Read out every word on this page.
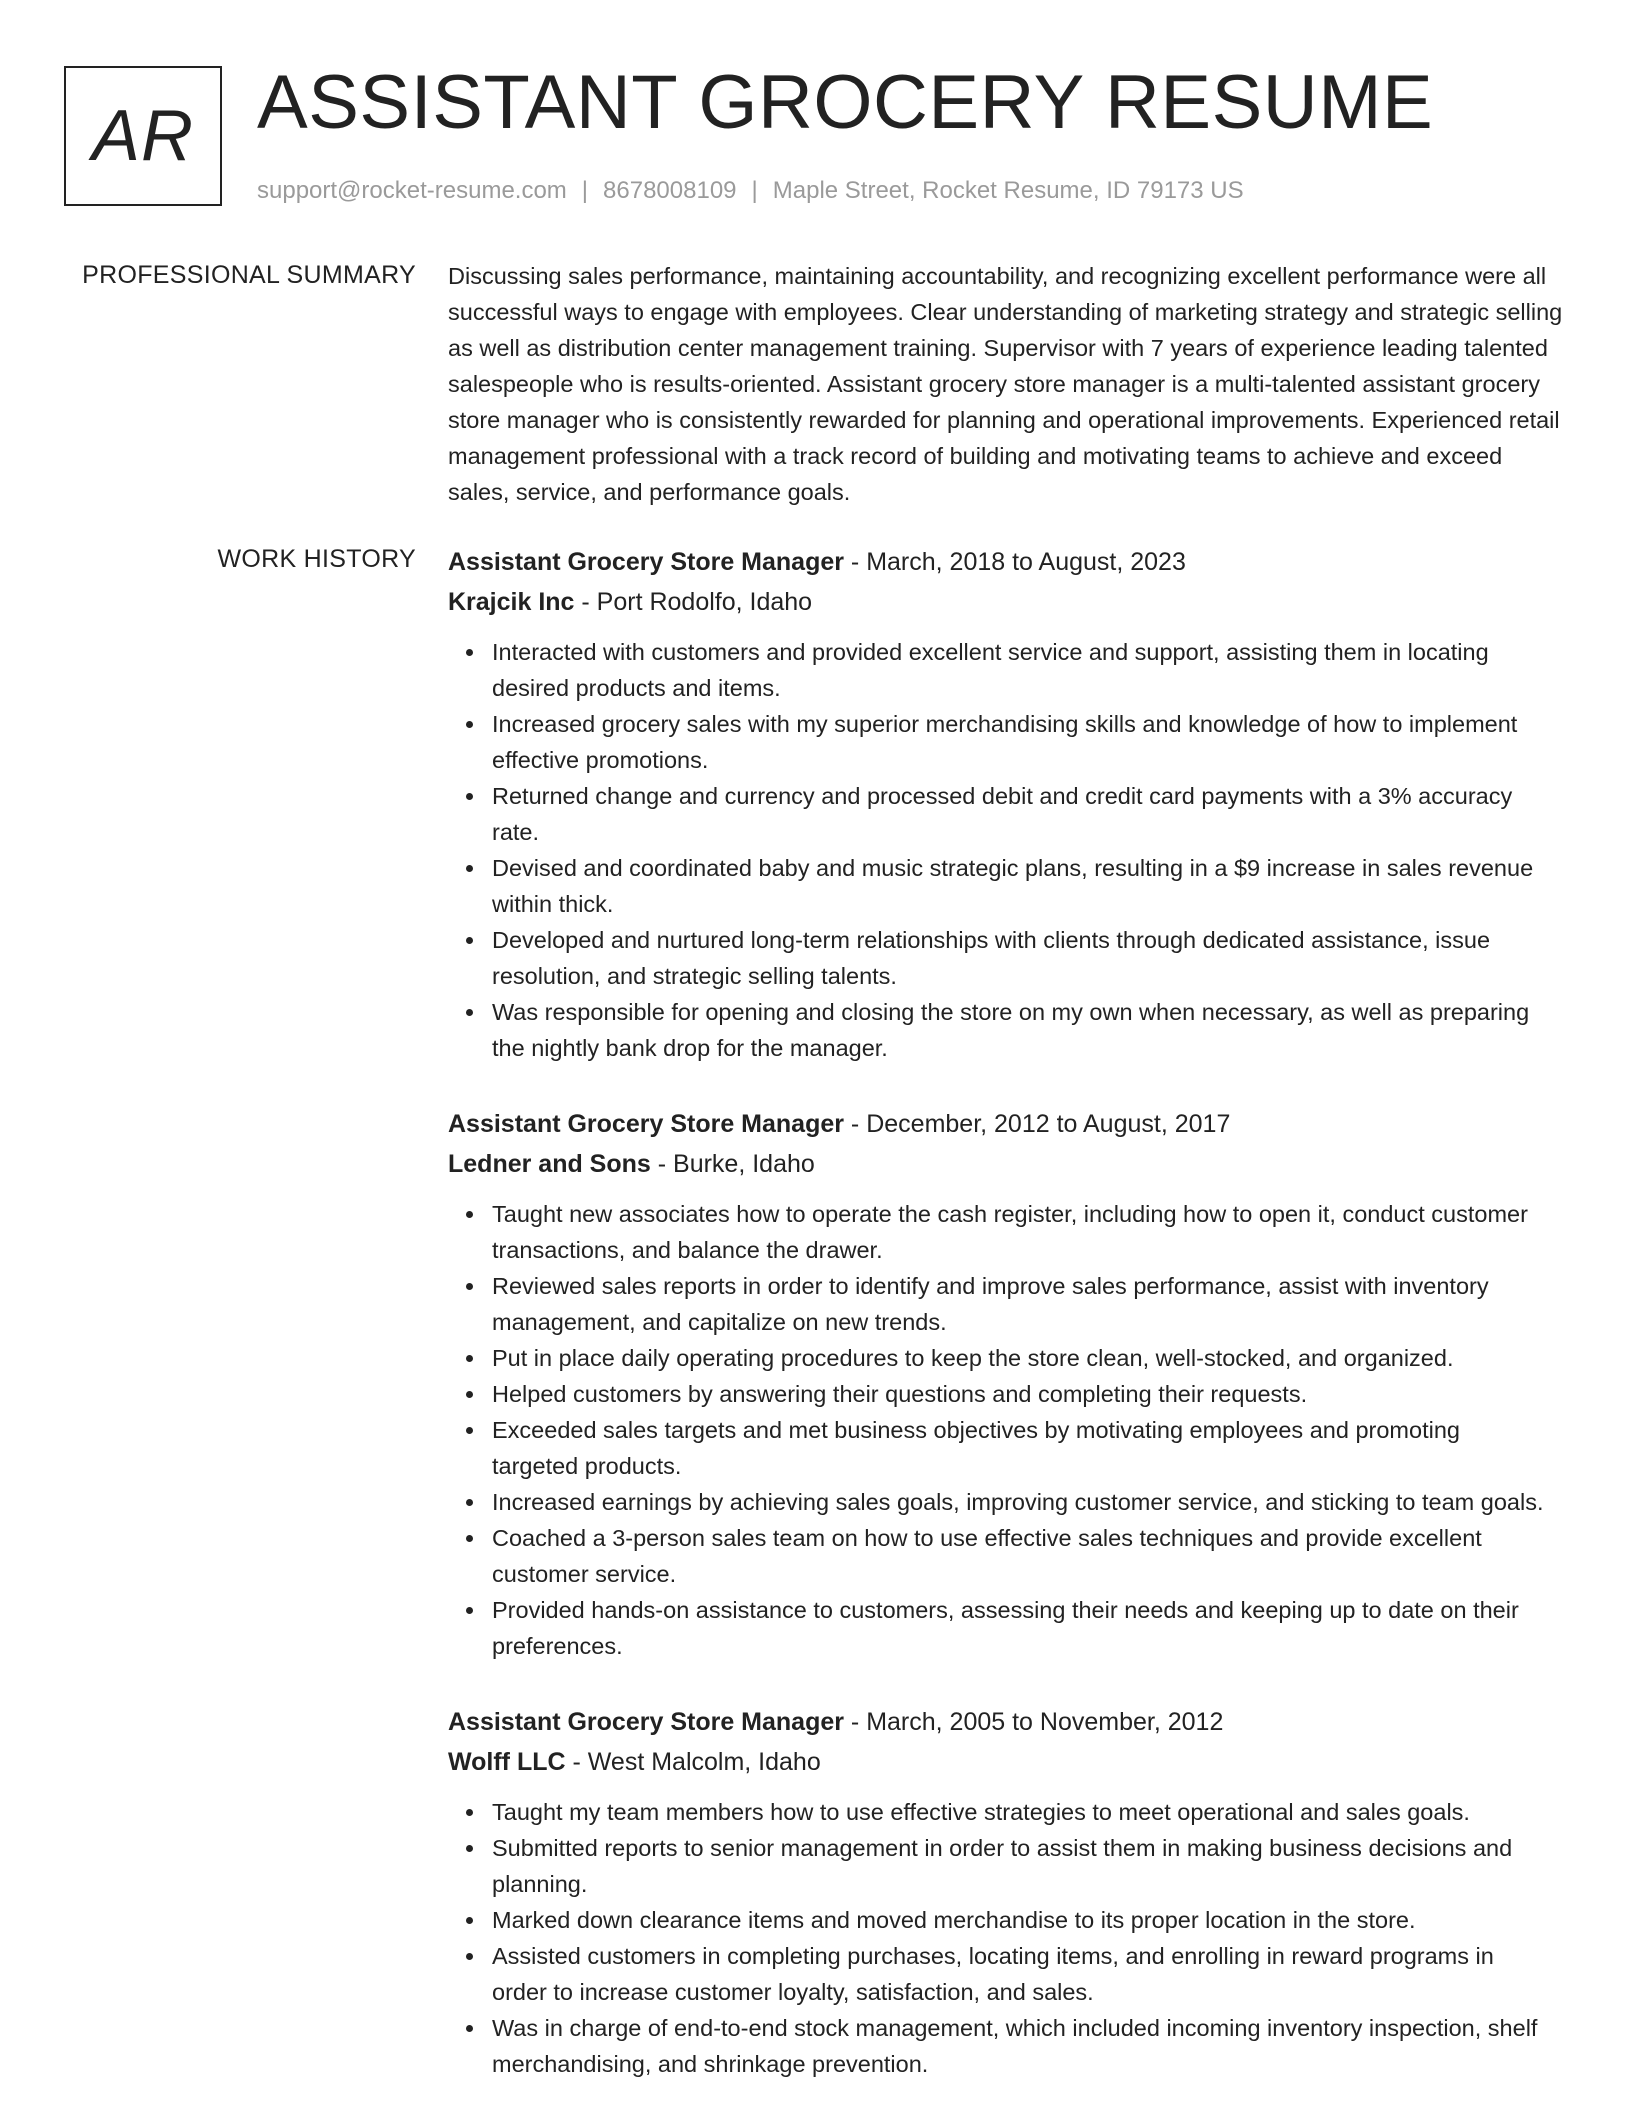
AR ASSISTANT GROCERY RESUME
support@rocket-resume.com | 8678008109 | Maple Street, Rocket Resume, ID 79173 US
PROFESSIONAL SUMMARY Discussing sales performance, maintaining accountability, and recognizing excellent performance were all successful ways to engage with employees. Clear understanding of marketing strategy and strategic selling as well as distribution center management training. Supervisor with 7 years of experience leading talented salespeople who is results-oriented. Assistant grocery store manager is a multi-talented assistant grocery store manager who is consistently rewarded for planning and operational improvements. Experienced retail management professional with a track record of building and motivating teams to achieve and exceed sales, service, and performance goals.

WORK HISTORY Assistant Grocery Store Manager - March, 2018 to August, 2023
Krajcik Inc - Port Rodolfo, Idaho
Interacted with customers and provided excellent service and support, assisting them in locating desired products and items.
Increased grocery sales with my superior merchandising skills and knowledge of how to implement effective promotions.
Returned change and currency and processed debit and credit card payments with a 3% accuracy rate.
Devised and coordinated baby and music strategic plans, resulting in a $9 increase in sales revenue within thick.
Developed and nurtured long-term relationships with clients through dedicated assistance, issue resolution, and strategic selling talents.
Was responsible for opening and closing the store on my own when necessary, as well as preparing the nightly bank drop for the manager.
Assistant Grocery Store Manager - December, 2012 to August, 2017
Ledner and Sons - Burke, Idaho
Taught new associates how to operate the cash register, including how to open it, conduct customer transactions, and balance the drawer.
Reviewed sales reports in order to identify and improve sales performance, assist with inventory management, and capitalize on new trends.
Put in place daily operating procedures to keep the store clean, well-stocked, and organized.
Helped customers by answering their questions and completing their requests.
Exceeded sales targets and met business objectives by motivating employees and promoting targeted products.
Increased earnings by achieving sales goals, improving customer service, and sticking to team goals.
Coached a 3-person sales team on how to use effective sales techniques and provide excellent customer service.
Provided hands-on assistance to customers, assessing their needs and keeping up to date on their preferences.
Assistant Grocery Store Manager - March, 2005 to November, 2012
Wolff LLC - West Malcolm, Idaho
Taught my team members how to use effective strategies to meet operational and sales goals.
Submitted reports to senior management in order to assist them in making business decisions and planning.
Marked down clearance items and moved merchandise to its proper location in the store.
Assisted customers in completing purchases, locating items, and enrolling in reward programs in order to increase customer loyalty, satisfaction, and sales.
Was in charge of end-to-end stock management, which included incoming inventory inspection, shelf merchandising, and shrinkage prevention.
